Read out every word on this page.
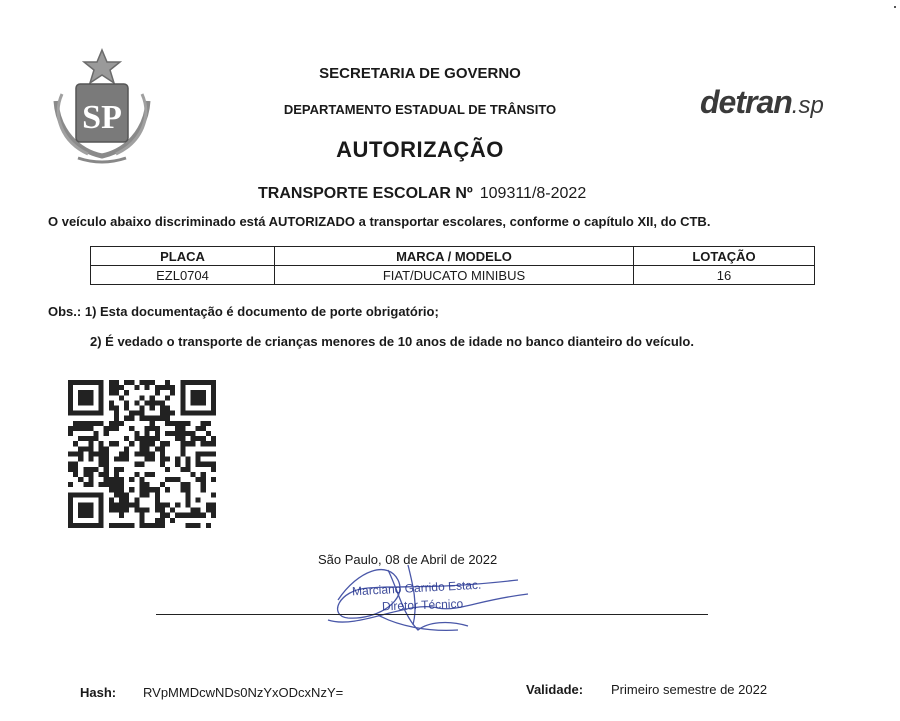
SP
SECRETARIA DE GOVERNO
DEPARTAMENTO ESTADUAL DE TRÂNSITO
AUTORIZAÇÃO
detran.sp
TRANSPORTE ESCOLAR Nº 109311/8-2022
O veículo abaixo discriminado está AUTORIZADO a transportar escolares, conforme o capítulo XII, do CTB.
PLACA	MARCA / MODELO	LOTAÇÃO
EZL0704	FIAT/DUCATO MINIBUS	16
Obs.: 1) Esta documentação é documento de porte obrigatório;
2) É vedado o transporte de crianças menores de 10 anos de idade no banco dianteiro do veículo.
São Paulo, 08 de Abril de 2022
Marciano Garrido Estac.
Diretor Técnico
Hash: RVpMMDcwNDs0NzYxODcxNzY=	Validade: Primeiro semestre de 2022
